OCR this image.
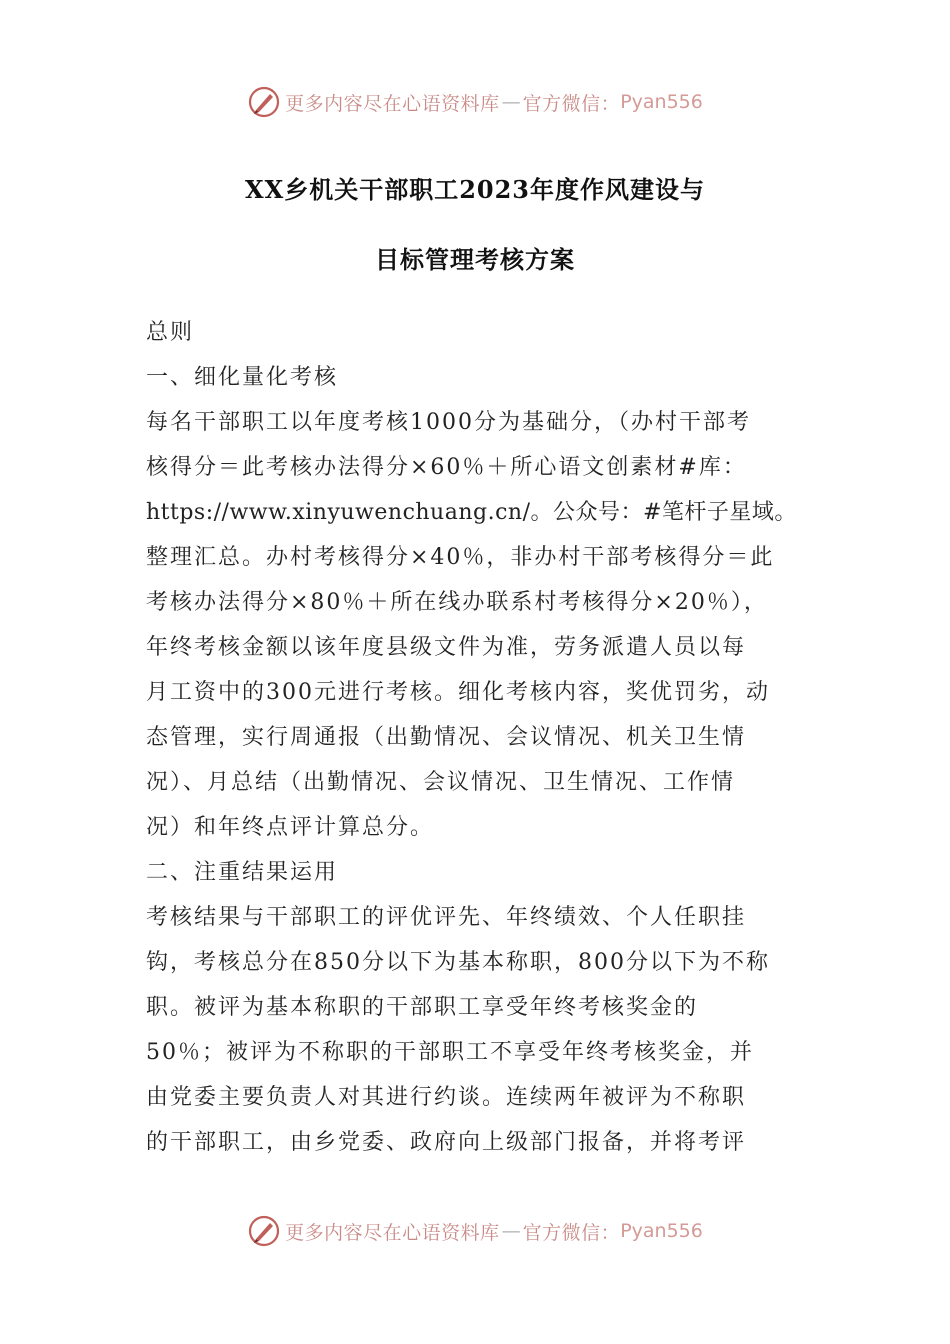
更多内容尽在心语资料库 — 官方微信： Pyan556
XX乡机关干部职工2023年度作风建设与
目标管理考核方案

总则

一、细化量化考核

每名干部职工以年度考核1000分为基础分，（办村干部考
核得分＝此考核办法得分×60％＋所心语文创素材#库：
https://www.xinyuwenchuang.cn/。公众号：#笔杆子星域。
整理汇总。办村考核得分×40％，非办村干部考核得分＝此
考核办法得分×80％＋所在线办联系村考核得分×20％），
年终考核金额以该年度县级文件为准，劳务派遣人员以每
月工资中的300元进行考核。细化考核内容，奖优罚劣，动
态管理，实行周通报（出勤情况、会议情况、机关卫生情
况）、月总结（出勤情况、会议情况、卫生情况、工作情
况）和年终点评计算总分。

二、注重结果运用

考核结果与干部职工的评优评先、年终绩效、个人任职挂
钩，考核总分在850分以下为基本称职，800分以下为不称
职。被评为基本称职的干部职工享受年终考核奖金的
50％；被评为不称职的干部职工不享受年终考核奖金，并
由党委主要负责人对其进行约谈。连续两年被评为不称职
的干部职工，由乡党委、政府向上级部门报备，并将考评
更多内容尽在心语资料库 — 官方微信： Pyan556
